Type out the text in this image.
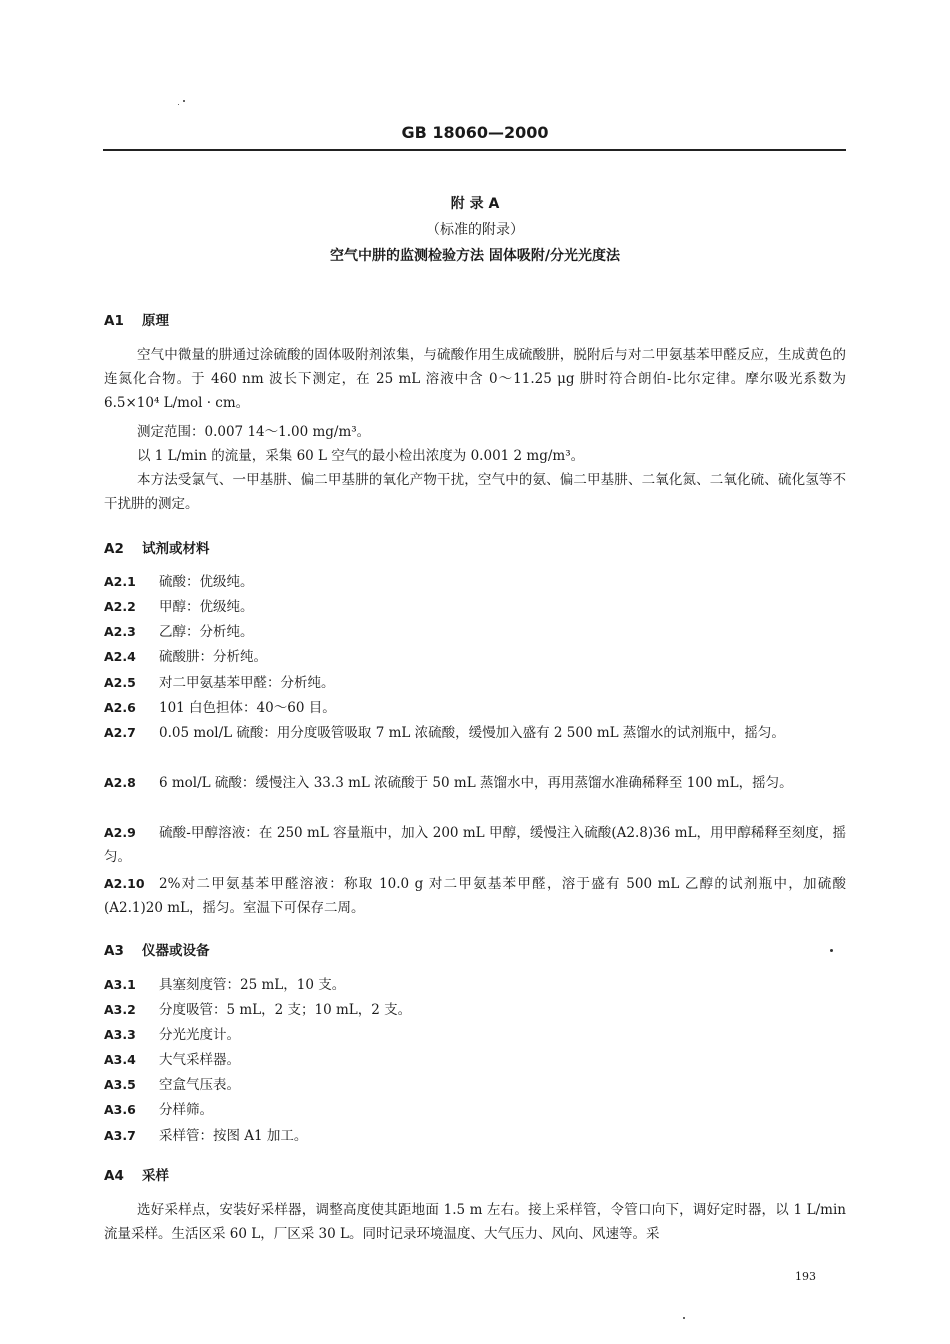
GB 18060—2000
附 录 A
（标准的附录）
空气中肼的监测检验方法 固体吸附/分光光度法
A1 原理
空气中微量的肼通过涂硫酸的固体吸附剂浓集，与硫酸作用生成硫酸肼，脱附后与对二甲氨基苯甲醛反应，生成黄色的连氮化合物。于 460 nm 波长下测定，在 25 mL 溶液中含 0～11.25 μg 肼时符合朗伯-比尔定律。摩尔吸光系数为 6.5×10⁴ L/mol · cm。
测定范围：0.007 14～1.00 mg/m³。
以 1 L/min 的流量，采集 60 L 空气的最小检出浓度为 0.001 2 mg/m³。
本方法受氯气、一甲基肼、偏二甲基肼的氧化产物干扰，空气中的氨、偏二甲基肼、二氧化氮、二氧化硫、硫化氢等不干扰肼的测定。
A2 试剂或材料
A2.1 硫酸：优级纯。
A2.2 甲醇：优级纯。
A2.3 乙醇：分析纯。
A2.4 硫酸肼：分析纯。
A2.5 对二甲氨基苯甲醛：分析纯。
A2.6 101 白色担体：40～60 目。
A2.7 0.05 mol/L 硫酸：用分度吸管吸取 7 mL 浓硫酸，缓慢加入盛有 2 500 mL 蒸馏水的试剂瓶中，摇匀。
A2.8 6 mol/L 硫酸：缓慢注入 33.3 mL 浓硫酸于 50 mL 蒸馏水中，再用蒸馏水准确稀释至 100 mL，摇匀。
A2.9 硫酸-甲醇溶液：在 250 mL 容量瓶中，加入 200 mL 甲醇，缓慢注入硫酸(A2.8)36 mL，用甲醇稀释至刻度，摇匀。
A2.10 2%对二甲氨基苯甲醛溶液：称取 10.0 g 对二甲氨基苯甲醛，溶于盛有 500 mL 乙醇的试剂瓶中，加硫酸(A2.1)20 mL，摇匀。室温下可保存二周。
A3 仪器或设备
A3.1 具塞刻度管：25 mL，10 支。
A3.2 分度吸管：5 mL，2 支；10 mL，2 支。
A3.3 分光光度计。
A3.4 大气采样器。
A3.5 空盒气压表。
A3.6 分样筛。
A3.7 采样管：按图 A1 加工。
A4 采样
选好采样点，安装好采样器，调整高度使其距地面 1.5 m 左右。接上采样管，令管口向下，调好定时器，以 1 L/min 流量采样。生活区采 60 L，厂区采 30 L。同时记录环境温度、大气压力、风向、风速等。采
193
